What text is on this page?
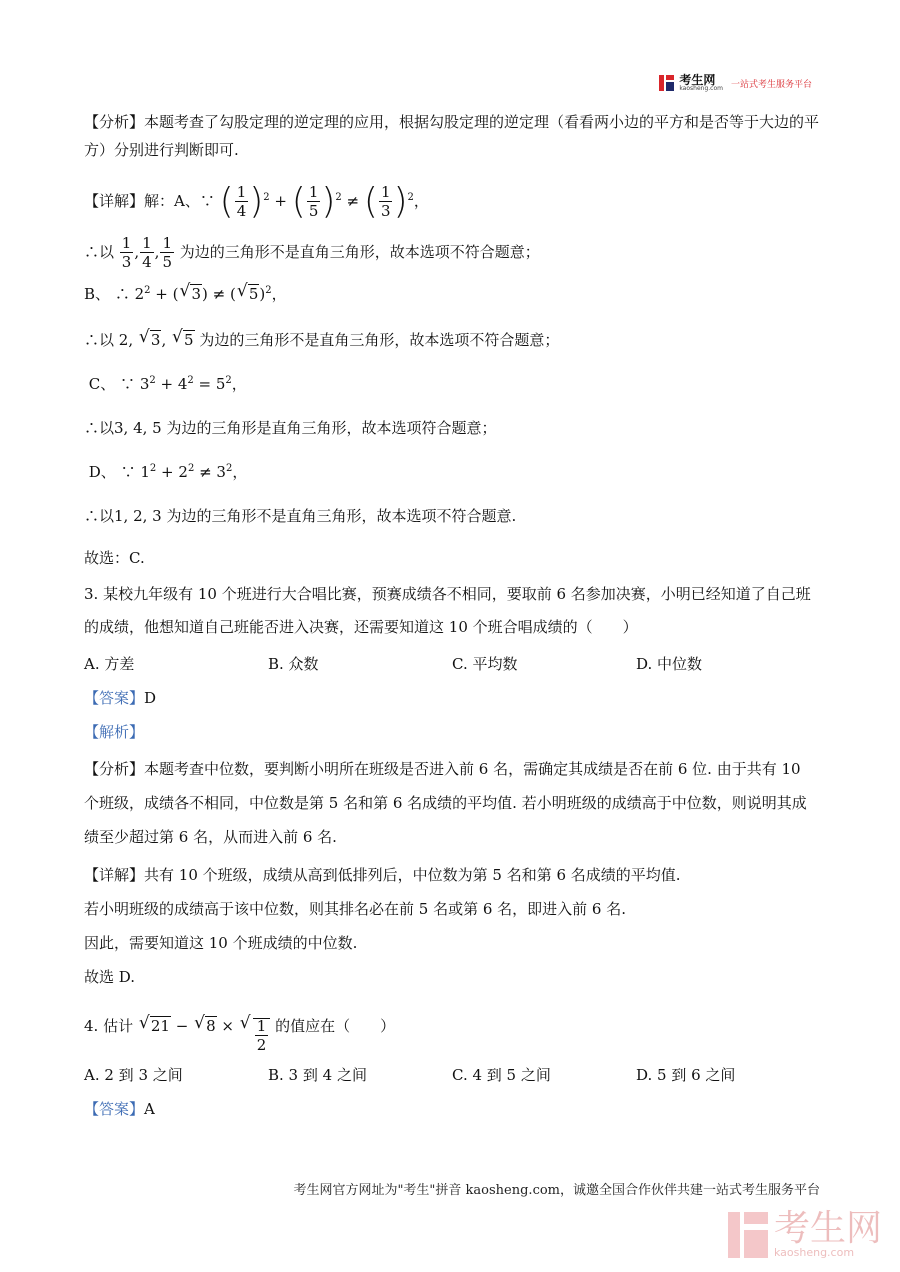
考生网
kaosheng.com 一站式考生服务平台

【分析】本题考查了勾股定理的逆定理的应用，根据勾股定理的逆定理（看看两小边的平方和是否等于大边的平方）分别进行判断即可.

【详解】解：A、∵ ( $\frac{1}{4} )^2$ + ( $\frac{1}{5} )^2$ ≠ ( $\frac{1}{3} )^2$，

∴以 $\frac{1}{3}$ , $\frac{1}{4}$ , $\frac{1}{5}$ 为边的三角形不是直角三角形，故本选项不符合题意；

B、 ∴ $2^2$ + ( √ 3) ≠ ( √ 5)$^2$，

∴以 2, √ 3, √ 5 为边的三角形不是直角三角形，故本选项不符合题意；

C、 ∵ $3^2 + 4^2 = 5^2$，

∴以3, 4, 5 为边的三角形是直角三角形，故本选项符合题意；

D、 ∵ $1^2 + 2^2 \ne 3^2$，

∴以1, 2, 3 为边的三角形不是直角三角形，故本选项不符合题意.

故选：C.

3. 某校九年级有 10 个班进行大合唱比赛，预赛成绩各不相同，要取前 6 名参加决赛，小明已经知道了自己班的成绩，他想知道自己班能否进入决赛，还需要知道这 10 个班合唱成绩的（　　）

A. 方差	B. 众数	C. 平均数	D. 中位数

【答案】D

【解析】

【分析】本题考查中位数，要判断小明所在班级是否进入前 6 名，需确定其成绩是否在前 6 位. 由于共有 10 个班级，成绩各不相同，中位数是第 5 名和第 6 名成绩的平均值. 若小明班级的成绩高于中位数，则说明其成绩至少超过第 6 名，从而进入前 6 名.

【详解】共有 10 个班级，成绩从高到低排列后，中位数为第 5 名和第 6 名成绩的平均值.

若小明班级的成绩高于该中位数，则其排名必在前 5 名或第 6 名，即进入前 6 名.

因此，需要知道这 10 个班成绩的中位数.

故选 D.

4. 估计 √ 21 − √ 8 × √ $\frac{1}{2}$ 的值应在（　　）

A. 2 到 3 之间	B. 3 到 4 之间	C. 4 到 5 之间	D. 5 到 6 之间

【答案】A

考生网官方网址为"考生"拼音 kaosheng.com，诚邀全国合作伙伴共建一站式考生服务平台
考生网
kaosheng.com
